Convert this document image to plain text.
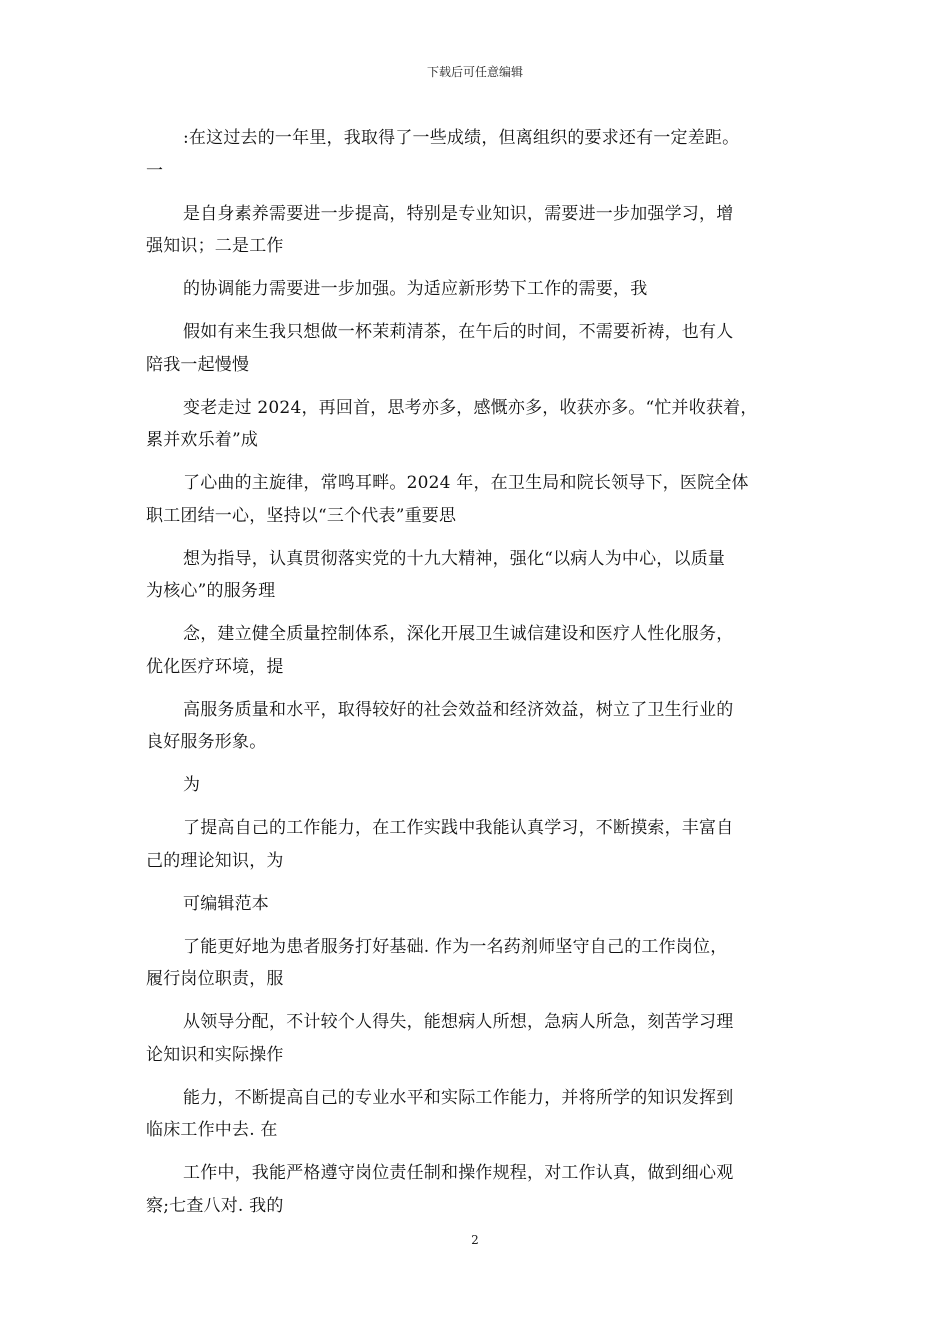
下载后可任意编辑

:在这过去的一年里，我取得了一些成绩，但离组织的要求还有一定差距。
一

是自身素养需要进一步提高，特别是专业知识，需要进一步加强学习，增
强知识；二是工作

的协调能力需要进一步加强。为适应新形势下工作的需要，我

假如有来生我只想做一杯茉莉清茶，在午后的时间，不需要祈祷，也有人
陪我一起慢慢

变老走过 2024，再回首，思考亦多，感慨亦多，收获亦多。“忙并收获着，
累并欢乐着”成

了心曲的主旋律，常鸣耳畔。2024 年，在卫生局和院长领导下，医院全体
职工团结一心，坚持以“三个代表”重要思

想为指导，认真贯彻落实党的十九大精神，强化“以病人为中心，以质量
为核心”的服务理

念，建立健全质量控制体系，深化开展卫生诚信建设和医疗人性化服务，
优化医疗环境，提

高服务质量和水平，取得较好的社会效益和经济效益，树立了卫生行业的
良好服务形象。

为

了提高自己的工作能力，在工作实践中我能认真学习，不断摸索，丰富自
己的理论知识，为

可编辑范本

了能更好地为患者服务打好基础. 作为一名药剂师坚守自己的工作岗位，
履行岗位职责，服

从领导分配，不计较个人得失，能想病人所想，急病人所急，刻苦学习理
论知识和实际操作

能力，不断提高自己的专业水平和实际工作能力，并将所学的知识发挥到
临床工作中去. 在

工作中，我能严格遵守岗位责任制和操作规程，对工作认真，做到细心观
察;七查八对. 我的

2
